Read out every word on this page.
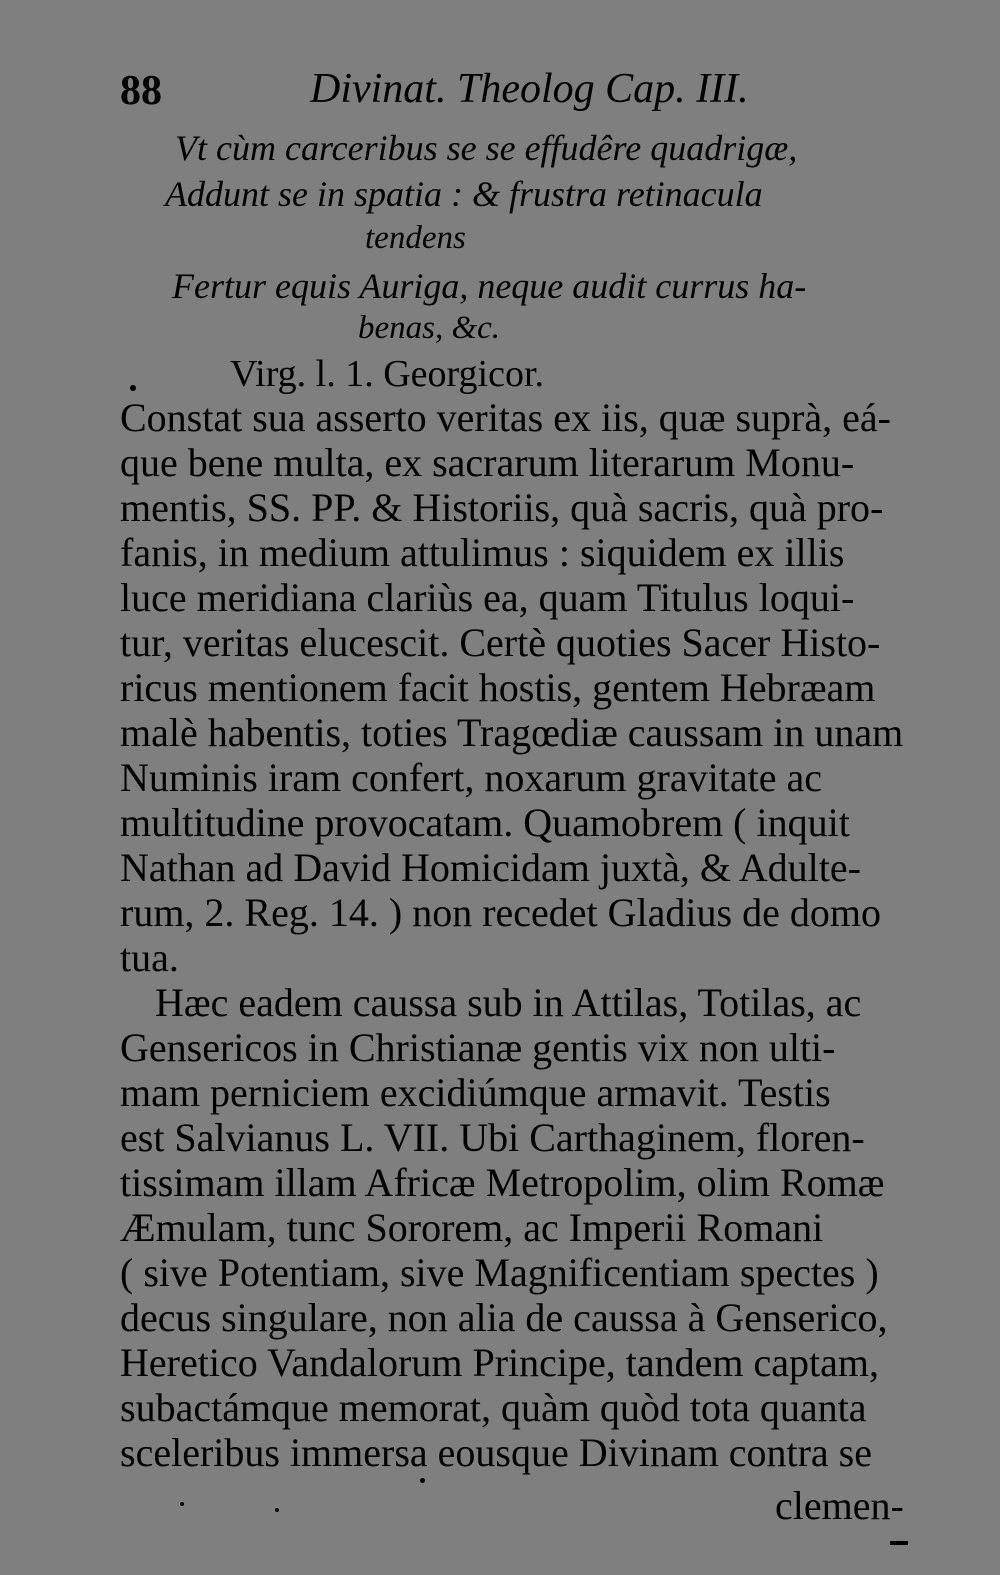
88	Divinat. Theolog Cap. III.
Vt cùm carceribus se se effudêre quadrigæ,
Addunt se in spatia : & frustra retinacula
tendens
Fertur equis Auriga, neque audit currus ha-
benas, &c.
Virg. l. 1. Georgicor.
Constat sua asserto veritas ex iis, quæ suprà, eá-
que bene multa, ex sacrarum literarum Monu-
mentis, SS. PP. & Historiis, quà sacris, quà pro-
fanis, in medium attulimus : siquidem ex illis
luce meridiana clariùs ea, quam Titulus loqui-
tur, veritas elucescit. Certè quoties Sacer Histo-
ricus mentionem facit hostis, gentem Hebræam
malè habentis, toties Tragœdiæ caussam in unam
Numinis iram confert, noxarum gravitate ac
multitudine provocatam. Quamobrem ( inquit
Nathan ad David Homicidam juxtà, & Adulte-
rum, 2. Reg. 14. ) non recedet Gladius de domo
tua.
Hæc eadem caussa sub in Attilas, Totilas, ac
Gensericos in Christianæ gentis vix non ulti-
mam perniciem excidiúmque armavit. Testis
est Salvianus L. VII. Ubi Carthaginem, floren-
tissimam illam Africæ Metropolim, olim Romæ
Æmulam, tunc Sororem, ac Imperii Romani
( sive Potentiam, sive Magnificentiam spectes )
decus singulare, non alia de caussa à Genserico,
Heretico Vandalorum Principe, tandem captam,
subactámque memorat, quàm quòd tota quanta
sceleribus immersa eousque Divinam contra se
clemen-
